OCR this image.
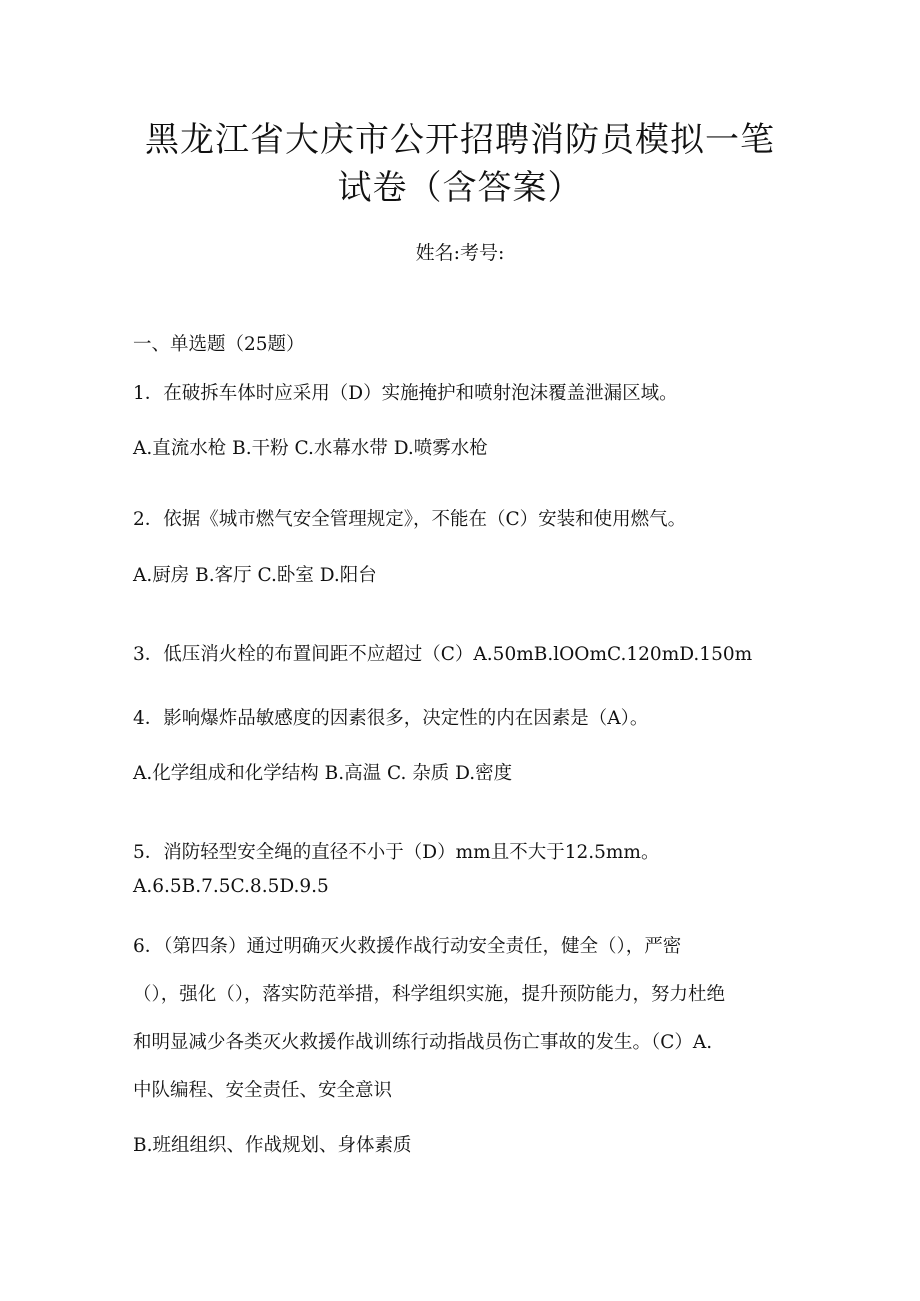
黑龙江省大庆市公开招聘消防员模拟一笔
试卷（含答案）
姓名:考号:
一、单选题（25题）
1．在破拆车体时应采用（D）实施掩护和喷射泡沫覆盖泄漏区域。
A.直流水枪 B.干粉 C.水幕水带 D.喷雾水枪
2．依据《城市燃气安全管理规定》，不能在（C）安装和使用燃气。
A.厨房 B.客厅 C.卧室 D.阳台
3．低压消火栓的布置间距不应超过（C）A.50mB.lOOmC.120mD.150m
4．影响爆炸品敏感度的因素很多，决定性的内在因素是（A）。
A.化学组成和化学结构 B.高温 C. 杂质 D.密度
5．消防轻型安全绳的直径不小于（D）mm且不大于12.5mm。
A.6.5B.7.5C.8.5D.9.5
6．（第四条）通过明确灭火救援作战行动安全责任，健全（），严密
（），强化（），落实防范举措，科学组织实施，提升预防能力，努力杜绝
和明显减少各类灭火救援作战训练行动指战员伤亡事故的发生。（C）A.
中队编程、安全责任、安全意识
B.班组组织、作战规划、身体素质
